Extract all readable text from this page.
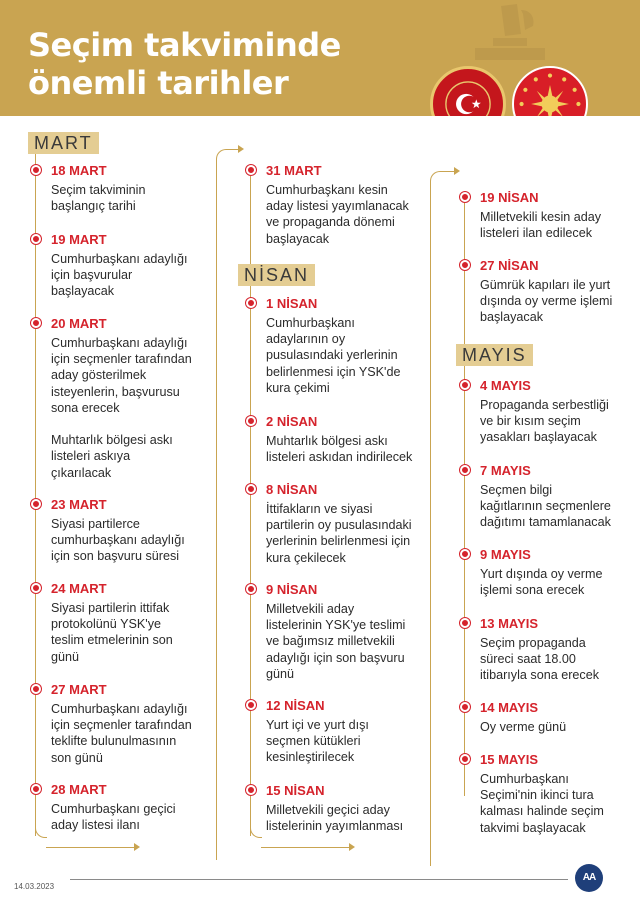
Seçim takviminde
önemli tarihler
MART
18 MART
Seçim takviminin
başlangıç tarihi
19 MART
Cumhurbaşkanı adaylığı
için başvurular
başlayacak
20 MART
Cumhurbaşkanı adaylığı
için seçmenler tarafından
aday gösterilmek
isteyenlerin, başvurusu
sona erecek

Muhtarlık bölgesi askı
listeleri askıya
çıkarılacak
23 MART
Siyasi partilerce
cumhurbaşkanı adaylığı
için son başvuru süresi
24 MART
Siyasi partilerin ittifak
protokolünü YSK'ye
teslim etmelerinin son
günü
27 MART
Cumhurbaşkanı adaylığı
için seçmenler tarafından
teklifte bulunulmasının
son günü
28 MART
Cumhurbaşkanı geçici
aday listesi ilanı
NİSAN
31 MART
Cumhurbaşkanı kesin
aday listesi yayımlanacak
ve propaganda dönemi
başlayacak
1 NİSAN
Cumhurbaşkanı
adaylarının oy
pusulasındaki yerlerinin
belirlenmesi için YSK'de
kura çekimi
2 NİSAN
Muhtarlık bölgesi askı
listeleri askıdan indirilecek
8 NİSAN
İttifakların ve siyasi
partilerin oy pusulasındaki
yerlerinin belirlenmesi için
kura çekilecek
9 NİSAN
Milletvekili aday
listelerinin YSK'ye teslimi
ve bağımsız milletvekili
adaylığı için son başvuru
günü
12 NİSAN
Yurt içi ve yurt dışı
seçmen kütükleri
kesinleştirilecek
15 NİSAN
Milletvekili geçici aday
listelerinin yayımlanması
MAYIS
19 NİSAN
Milletvekili kesin aday
listeleri ilan edilecek
27 NİSAN
Gümrük kapıları ile yurt
dışında oy verme işlemi
başlayacak
4 MAYIS
Propaganda serbestliği
ve bir kısım seçim
yasakları başlayacak
7 MAYIS
Seçmen bilgi
kağıtlarının seçmenlere
dağıtımı tamamlanacak
9 MAYIS
Yurt dışında oy verme
işlemi sona erecek
13 MAYIS
Seçim propaganda
süreci saat 18.00
itibarıyla sona erecek
14 MAYIS
Oy verme günü
15 MAYIS
Cumhurbaşkanı
Seçimi'nin ikinci tura
kalması halinde seçim
takvimi başlayacak
14.03.2023
AA
